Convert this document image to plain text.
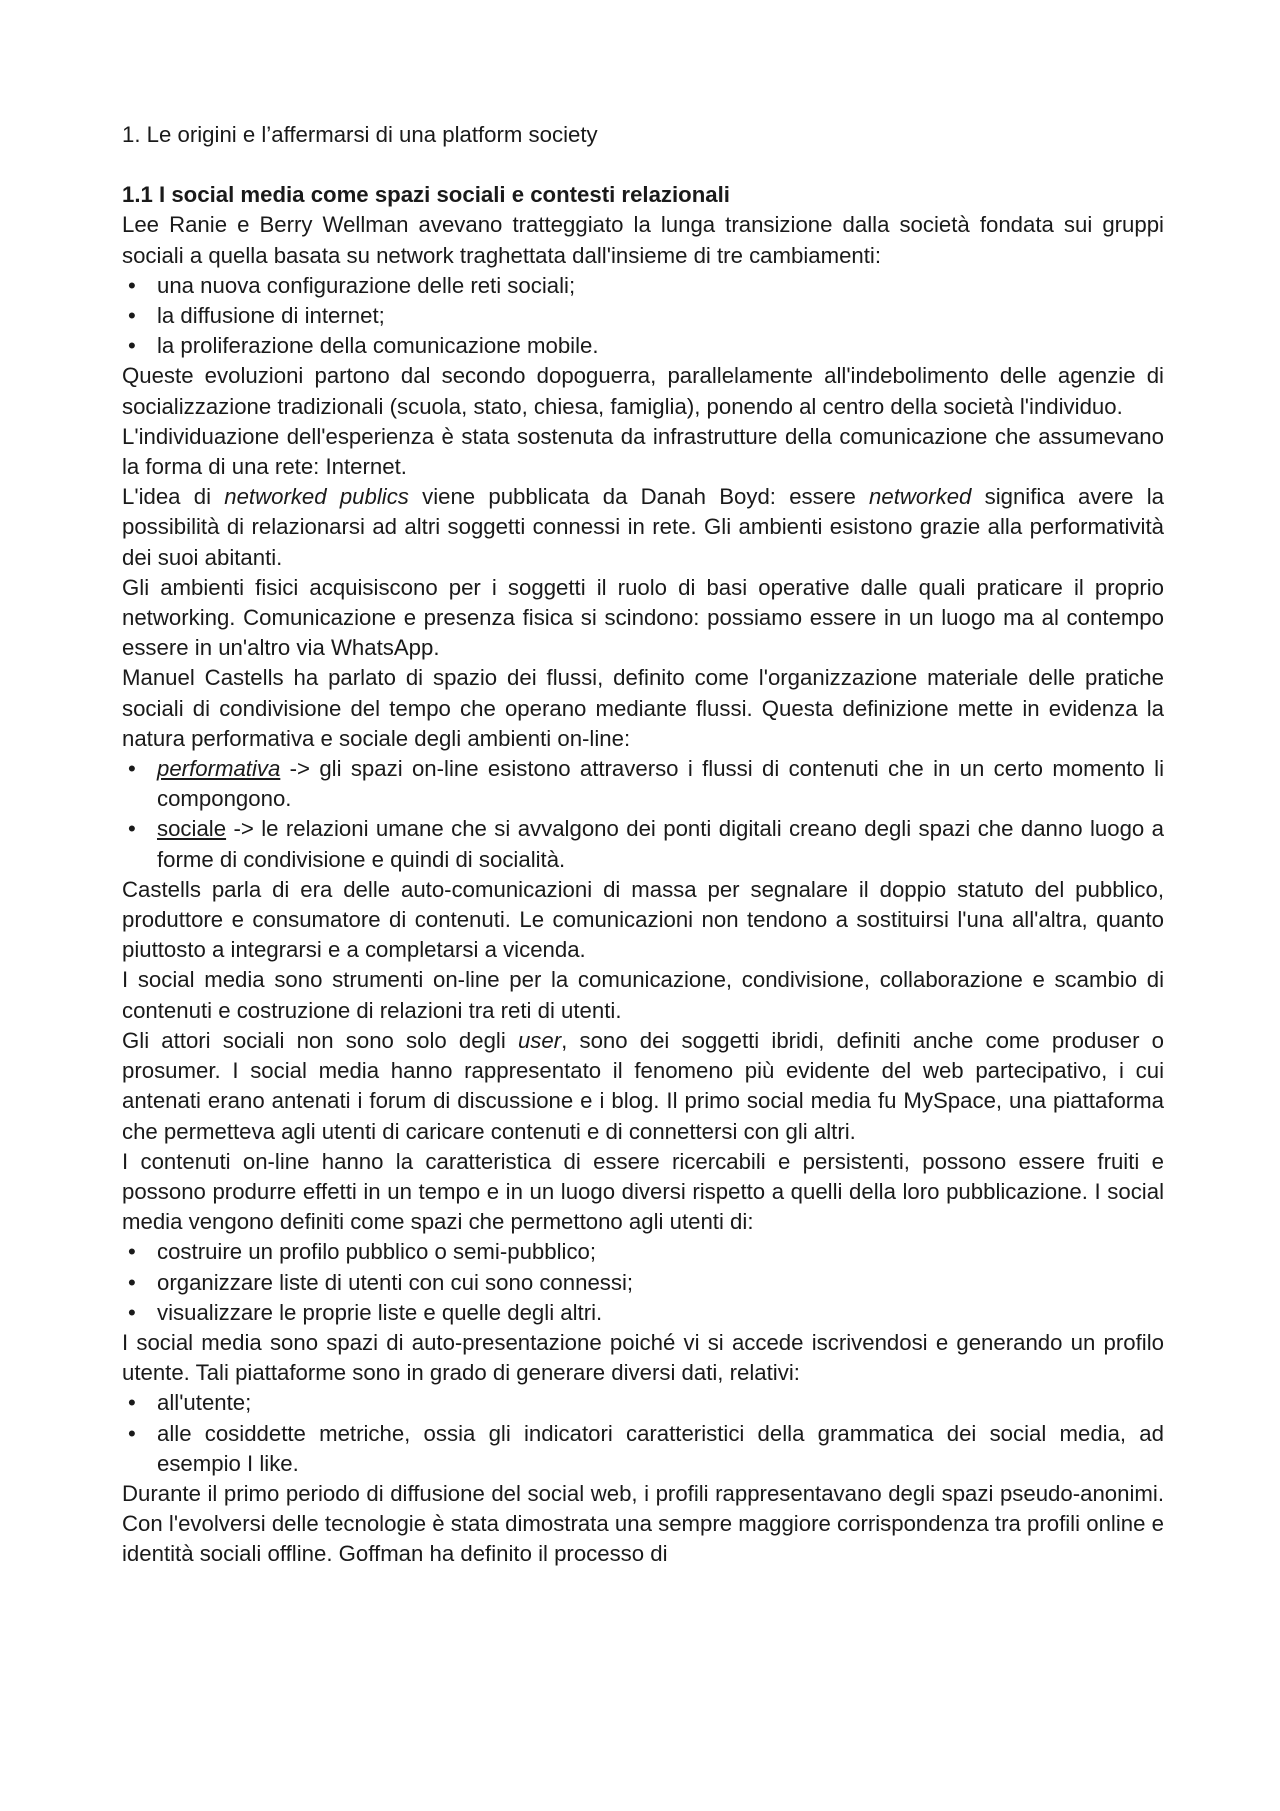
1. Le origini e l’affermarsi di una platform society
1.1 I social media come spazi sociali e contesti relazionali

Lee Ranie e Berry Wellman avevano tratteggiato la lunga transizione dalla società fondata sui gruppi sociali a quella basata su network traghettata dall'insieme di tre cambiamenti:

• una nuova configurazione delle reti sociali;
• la diffusione di internet;
• la proliferazione della comunicazione mobile.

Queste evoluzioni partono dal secondo dopoguerra, parallelamente all'indebolimento delle agenzie di socializzazione tradizionali (scuola, stato, chiesa, famiglia), ponendo al centro della società l'individuo.

L'individuazione dell'esperienza è stata sostenuta da infrastrutture della comunicazione che assumevano la forma di una rete: Internet.

L'idea di networked publics viene pubblicata da Danah Boyd: essere networked significa avere la possibilità di relazionarsi ad altri soggetti connessi in rete. Gli ambienti esistono grazie alla performatività dei suoi abitanti.

Gli ambienti fisici acquisiscono per i soggetti il ruolo di basi operative dalle quali praticare il proprio networking. Comunicazione e presenza fisica si scindono: possiamo essere in un luogo ma al contempo essere in un'altro via WhatsApp.

Manuel Castells ha parlato di spazio dei flussi, definito come l'organizzazione materiale delle pratiche sociali di condivisione del tempo che operano mediante flussi. Questa definizione mette in evidenza la natura performativa e sociale degli ambienti on-line:

• performativa -> gli spazi on-line esistono attraverso i flussi di contenuti che in un certo momento li compongono.
• sociale -> le relazioni umane che si avvalgono dei ponti digitali creano degli spazi che danno luogo a forme di condivisione e quindi di socialità.

Castells parla di era delle auto-comunicazioni di massa per segnalare il doppio statuto del pubblico, produttore e consumatore di contenuti. Le comunicazioni non tendono a sostituirsi l'una all'altra, quanto piuttosto a integrarsi e a completarsi a vicenda.

I social media sono strumenti on-line per la comunicazione, condivisione, collaborazione e scambio di contenuti e costruzione di relazioni tra reti di utenti.

Gli attori sociali non sono solo degli user, sono dei soggetti ibridi, definiti anche come produser o prosumer. I social media hanno rappresentato il fenomeno più evidente del web partecipativo, i cui antenati erano antenati i forum di discussione e i blog. Il primo social media fu MySpace, una piattaforma che permetteva agli utenti di caricare contenuti e di connettersi con gli altri.

I contenuti on-line hanno la caratteristica di essere ricercabili e persistenti, possono essere fruiti e possono produrre effetti in un tempo e in un luogo diversi rispetto a quelli della loro pubblicazione. I social media vengono definiti come spazi che permettono agli utenti di:

• costruire un profilo pubblico o semi-pubblico;
• organizzare liste di utenti con cui sono connessi;
• visualizzare le proprie liste e quelle degli altri.

I social media sono spazi di auto-presentazione poiché vi si accede iscrivendosi e generando un profilo utente. Tali piattaforme sono in grado di generare diversi dati, relativi:

• all'utente;
• alle cosiddette metriche, ossia gli indicatori caratteristici della grammatica dei social media, ad esempio I like.

Durante il primo periodo di diffusione del social web, i profili rappresentavano degli spazi pseudo-anonimi. Con l'evolversi delle tecnologie è stata dimostrata una sempre maggiore corrispondenza tra profili online e identità sociali offline. Goffman ha definito il processo di
